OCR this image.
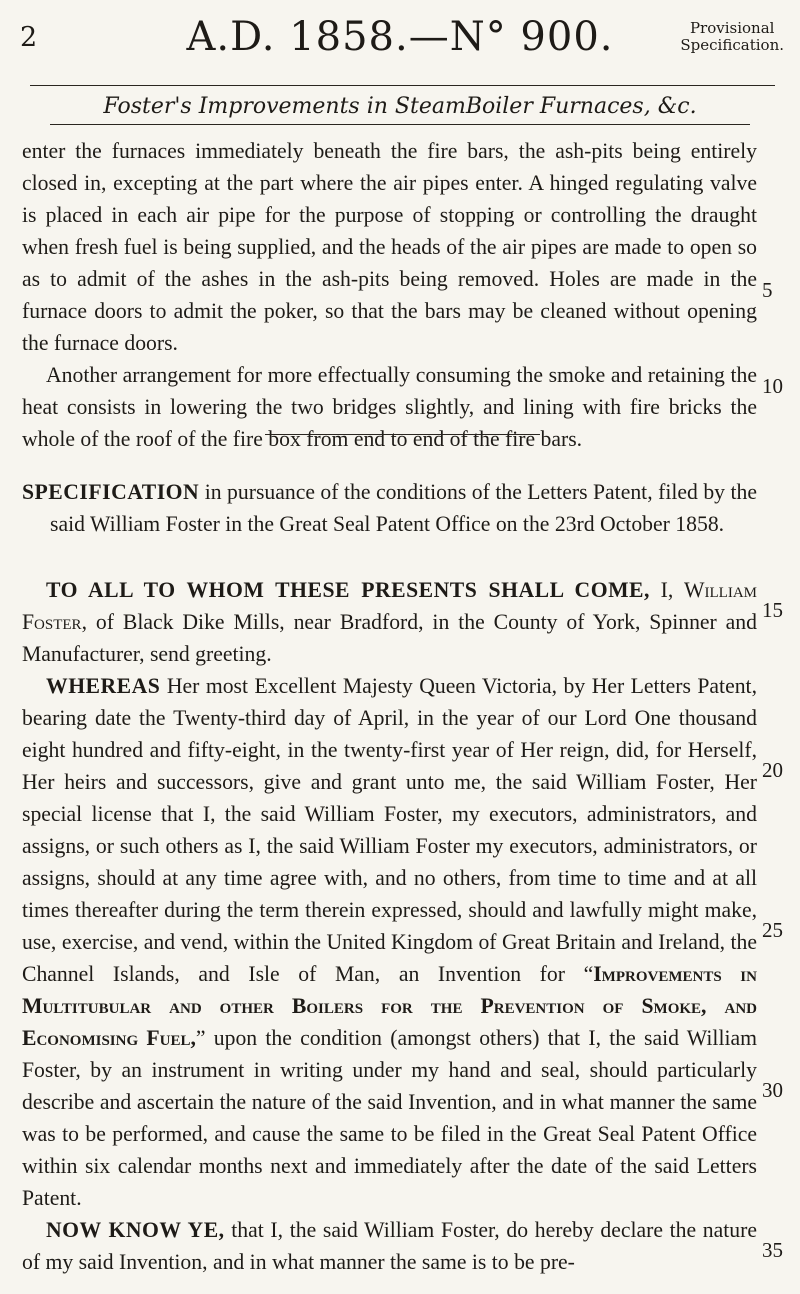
2	A.D. 1858.—N° 900.	Provisional
Specification.
Foster's Improvements in SteamBoiler Furnaces, &c.

enter the furnaces immediately beneath the fire bars, the ash-pits being entirely closed in, excepting at the part where the air pipes enter. A hinged regulating valve is placed in each air pipe for the purpose of stopping or controlling the draught when fresh fuel is being supplied, and the heads of the air pipes are made to open so as to admit of the ashes in the ash-pits being removed. Holes are made in the furnace doors to admit the poker, so that the bars may be cleaned without opening the furnace doors.

Another arrangement for more effectually consuming the smoke and retaining the heat consists in lowering the two bridges slightly, and lining with fire bricks the whole of the roof of the fire box from end to end of the fire bars.

SPECIFICATION in pursuance of the conditions of the Letters Patent, filed by the said William Foster in the Great Seal Patent Office on the 23rd October 1858.

TO ALL TO WHOM THESE PRESENTS SHALL COME, I, William Foster, of Black Dike Mills, near Bradford, in the County of York, Spinner and Manufacturer, send greeting.

WHEREAS Her most Excellent Majesty Queen Victoria, by Her Letters Patent, bearing date the Twenty-third day of April, in the year of our Lord One thousand eight hundred and fifty-eight, in the twenty-first year of Her reign, did, for Herself, Her heirs and successors, give and grant unto me, the said William Foster, Her special license that I, the said William Foster, my executors, administrators, and assigns, or such others as I, the said William Foster my executors, administrators, or assigns, should at any time agree with, and no others, from time to time and at all times thereafter during the term therein expressed, should and lawfully might make, use, exercise, and vend, within the United Kingdom of Great Britain and Ireland, the Channel Islands, and Isle of Man, an Invention for “Improvements in Multitubular and other Boilers for the Prevention of Smoke, and Economising Fuel,” upon the condition (amongst others) that I, the said William Foster, by an instrument in writing under my hand and seal, should particularly describe and ascertain the nature of the said Invention, and in what manner the same was to be performed, and cause the same to be filed in the Great Seal Patent Office within six calendar months next and immediately after the date of the said Letters Patent.

NOW KNOW YE, that I, the said William Foster, do hereby declare the nature of my said Invention, and in what manner the same is to be pre-

5
10
15
20
25
30
35
